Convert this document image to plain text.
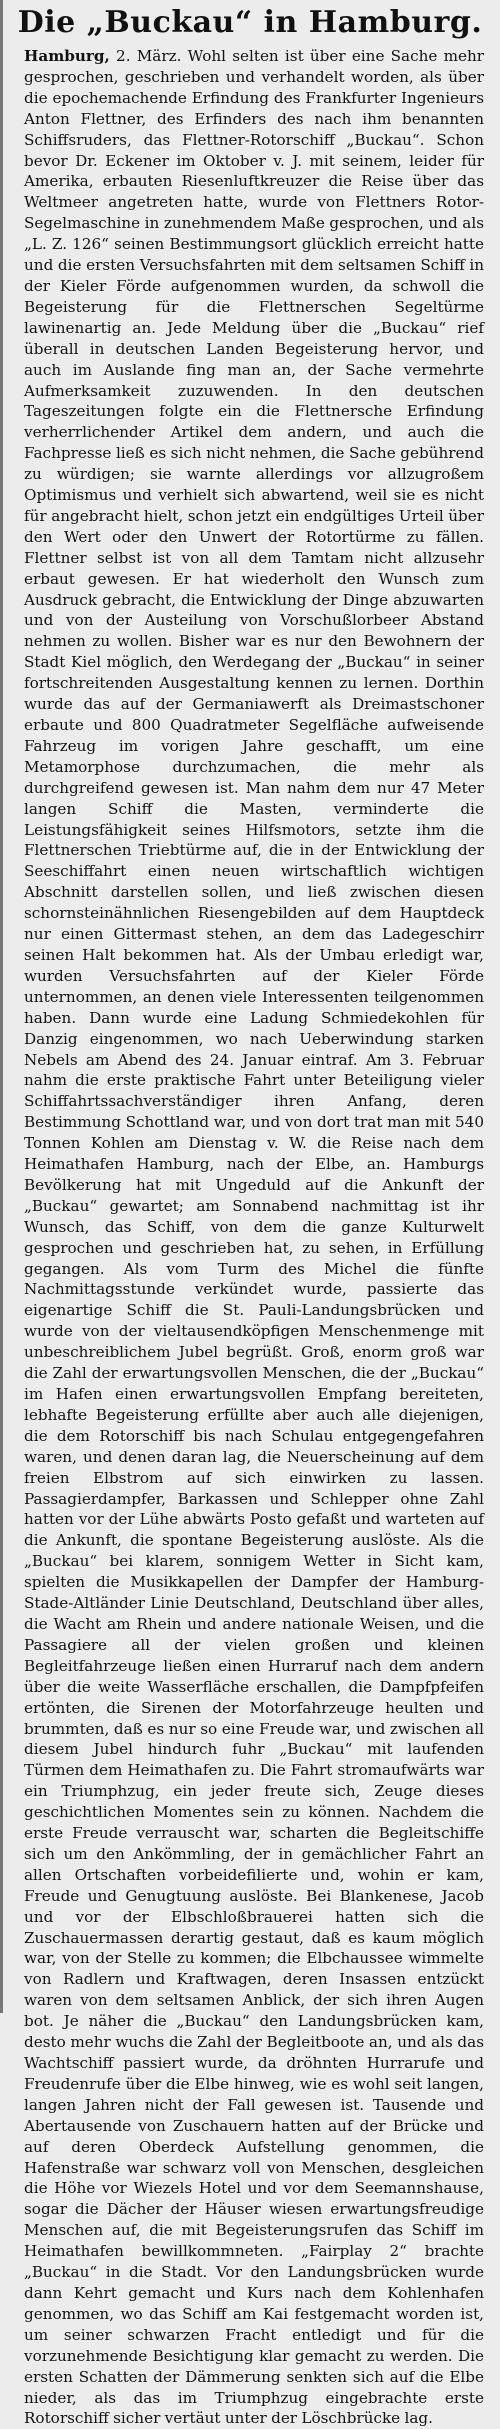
Die „Buckau“ in Hamburg.

Hamburg, 2. März. Wohl selten ist über eine Sache mehr gesprochen, geschrieben und verhandelt worden, als über die epochemachende Erfindung des Frankfurter Ingenieurs Anton Flettner, des Erfinders des nach ihm benannten Schiffsruders, das Flettner-Rotorschiff „Buckau“. Schon bevor Dr. Eckener im Oktober v. J. mit seinem, leider für Amerika, erbauten Riesenluftkreuzer die Reise über das Weltmeer angetreten hatte, wurde von Flettners Rotor-Segelmaschine in zunehmendem Maße gesprochen, und als „L. Z. 126“ seinen Bestimmungsort glücklich erreicht hatte und die ersten Versuchsfahrten mit dem seltsamen Schiff in der Kieler Förde aufgenommen wurden, da schwoll die Begeisterung für die Flettnerschen Segeltürme lawinenartig an. Jede Meldung über die „Buckau“ rief überall in deutschen Landen Begeisterung hervor, und auch im Auslande fing man an, der Sache vermehrte Aufmerksamkeit zuzuwenden. In den deutschen Tageszeitungen folgte ein die Flettnersche Erfindung verherrlichender Artikel dem andern, und auch die Fachpresse ließ es sich nicht nehmen, die Sache gebührend zu würdigen; sie warnte allerdings vor allzugroßem Optimismus und verhielt sich abwartend, weil sie es nicht für angebracht hielt, schon jetzt ein endgültiges Urteil über den Wert oder den Unwert der Rotortürme zu fällen. Flettner selbst ist von all dem Tamtam nicht allzusehr erbaut gewesen. Er hat wiederholt den Wunsch zum Ausdruck gebracht, die Entwicklung der Dinge abzuwarten und von der Austeilung von Vorschußlorbeer Abstand nehmen zu wollen. Bisher war es nur den Bewohnern der Stadt Kiel möglich, den Werdegang der „Buckau“ in seiner fortschreitenden Ausgestaltung kennen zu lernen. Dorthin wurde das auf der Germaniawerft als Dreimastschoner erbaute und 800 Quadratmeter Segelfläche aufweisende Fahrzeug im vorigen Jahre geschafft, um eine Metamorphose durchzumachen, die mehr als durchgreifend gewesen ist. Man nahm dem nur 47 Meter langen Schiff die Masten, verminderte die Leistungsfähigkeit seines Hilfsmotors, setzte ihm die Flettnerschen Triebtürme auf, die in der Entwicklung der Seeschiffahrt einen neuen wirtschaftlich wichtigen Abschnitt darstellen sollen, und ließ zwischen diesen schornsteinähnlichen Riesengebilden auf dem Hauptdeck nur einen Gittermast stehen, an dem das Ladegeschirr seinen Halt bekommen hat. Als der Umbau erledigt war, wurden Versuchsfahrten auf der Kieler Förde unternommen, an denen viele Interessenten teilgenommen haben. Dann wurde eine Ladung Schmiedekohlen für Danzig eingenommen, wo nach Ueberwindung starken Nebels am Abend des 24. Januar eintraf. Am 3. Februar nahm die erste praktische Fahrt unter Beteiligung vieler Schiffahrtssachverständiger ihren Anfang, deren Bestimmung Schottland war, und von dort trat man mit 540 Tonnen Kohlen am Dienstag v. W. die Reise nach dem Heimathafen Hamburg, nach der Elbe, an. Hamburgs Bevölkerung hat mit Ungeduld auf die Ankunft der „Buckau“ gewartet; am Sonnabend nachmittag ist ihr Wunsch, das Schiff, von dem die ganze Kulturwelt gesprochen und geschrieben hat, zu sehen, in Erfüllung gegangen. Als vom Turm des Michel die fünfte Nachmittagsstunde verkündet wurde, passierte das eigenartige Schiff die St. Pauli-Landungsbrücken und wurde von der vieltausendköpfigen Menschenmenge mit unbeschreiblichem Jubel begrüßt. Groß, enorm groß war die Zahl der erwartungsvollen Menschen, die der „Buckau“ im Hafen einen erwartungsvollen Empfang bereiteten, lebhafte Begeisterung erfüllte aber auch alle diejenigen, die dem Rotorschiff bis nach Schulau entgegengefahren waren, und denen daran lag, die Neuerscheinung auf dem freien Elbstrom auf sich einwirken zu lassen. Passagierdampfer, Barkassen und Schlepper ohne Zahl hatten vor der Lühe abwärts Posto gefaßt und warteten auf die Ankunft, die spontane Begeisterung auslöste. Als die „Buckau“ bei klarem, sonnigem Wetter in Sicht kam, spielten die Musikkapellen der Dampfer der Hamburg-Stade-Altländer Linie Deutschland, Deutschland über alles, die Wacht am Rhein und andere nationale Weisen, und die Passagiere all der vielen großen und kleinen Begleitfahrzeuge ließen einen Hurraruf nach dem andern über die weite Wasserfläche erschallen, die Dampfpfeifen ertönten, die Sirenen der Motorfahrzeuge heulten und brummten, daß es nur so eine Freude war, und zwischen all diesem Jubel hindurch fuhr „Buckau“ mit laufenden Türmen dem Heimathafen zu. Die Fahrt stromaufwärts war ein Triumphzug, ein jeder freute sich, Zeuge dieses geschichtlichen Momentes sein zu können. Nachdem die erste Freude verrauscht war, scharten die Begleitschiffe sich um den Ankömmling, der in gemächlicher Fahrt an allen Ortschaften vorbeidefilierte und, wohin er kam, Freude und Genugtuung auslöste. Bei Blankenese, Jacob und vor der Elbschloßbrauerei hatten sich die Zuschauermassen derartig gestaut, daß es kaum möglich war, von der Stelle zu kommen; die Elbchaussee wimmelte von Radlern und Kraftwagen, deren Insassen entzückt waren von dem seltsamen Anblick, der sich ihren Augen bot. Je näher die „Buckau“ den Landungsbrücken kam, desto mehr wuchs die Zahl der Begleitboote an, und als das Wachtschiff passiert wurde, da dröhnten Hurrarufe und Freudenrufe über die Elbe hinweg, wie es wohl seit langen, langen Jahren nicht der Fall gewesen ist. Tausende und Abertausende von Zuschauern hatten auf der Brücke und auf deren Oberdeck Aufstellung genommen, die Hafenstraße war schwarz voll von Menschen, desgleichen die Höhe vor Wiezels Hotel und vor dem Seemannshause, sogar die Dächer der Häuser wiesen erwartungsfreudige Menschen auf, die mit Begeisterungsrufen das Schiff im Heimathafen bewillkommneten. „Fairplay 2“ brachte „Buckau“ in die Stadt. Vor den Landungsbrücken wurde dann Kehrt gemacht und Kurs nach dem Kohlenhafen genommen, wo das Schiff am Kai festgemacht worden ist, um seiner schwarzen Fracht entledigt und für die vorzunehmende Besichtigung klar gemacht zu werden. Die ersten Schatten der Dämmerung senkten sich auf die Elbe nieder, als das im Triumphzug eingebrachte erste Rotorschiff sicher vertäut unter der Löschbrücke lag.
